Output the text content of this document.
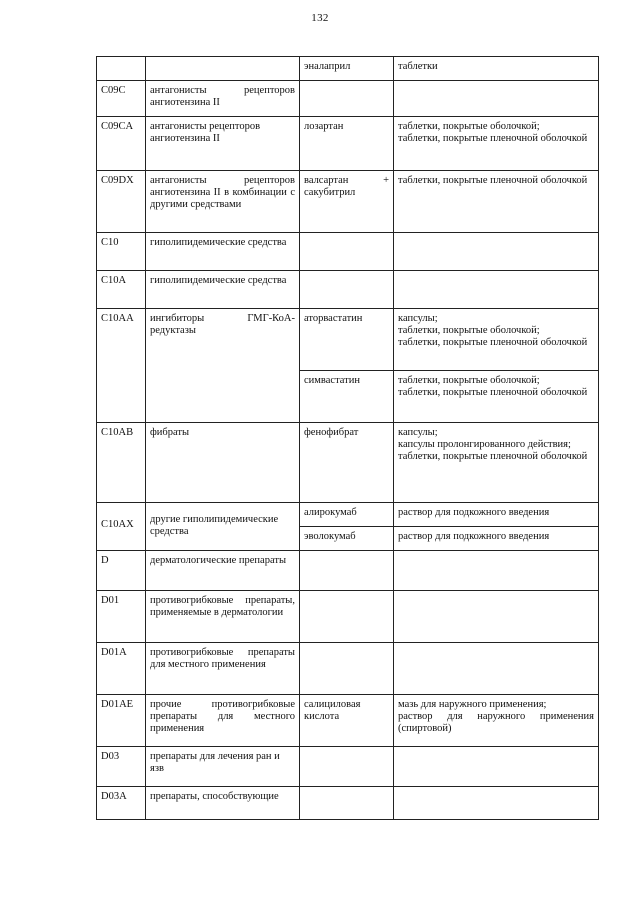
132
		эналаприл	таблетки

C09C	антагонисты рецепторов ангиотензина II		
C09CA	антагонисты рецепторов ангиотензина II	лозартан	таблетки, покрытые оболочкой;
таблетки, покрытые пленочной оболочкой

C09DX	антагонисты рецепторов ангиотензина II в комбинации с другими средствами	валсартан + сакубитрил	таблетки, покрытые пленочной оболочкой

C10	гиполипидемические средства		
C10A	гиполипидемические средства		
C10AA	ингибиторы ГМГ-КоА-редуктазы	аторвастатин	капсулы;
таблетки, покрытые оболочкой;
таблетки, покрытые пленочной оболочкой

		симвастатин	таблетки, покрытые оболочкой;
таблетки, покрытые пленочной оболочкой

C10AB	фибраты	фенофибрат	капсулы;
капсулы пролонгированного действия;
таблетки, покрытые пленочной оболочкой

C10AX	другие гиполипидемические средства	алирокумаб	раствор для подкожного введения

		эволокумаб	раствор для подкожного введения

D	дерматологические препараты		
D01	противогрибковые препараты, применяемые в дерматологии		
D01A	противогрибковые препараты для местного применения		
D01AE	прочие противогрибковые препараты для местного применения	салициловая кислота	мазь для наружного применения;
раствор для наружного применения (спиртовой)

D03	препараты для лечения ран и язв		
D03A	препараты, способствующие		
